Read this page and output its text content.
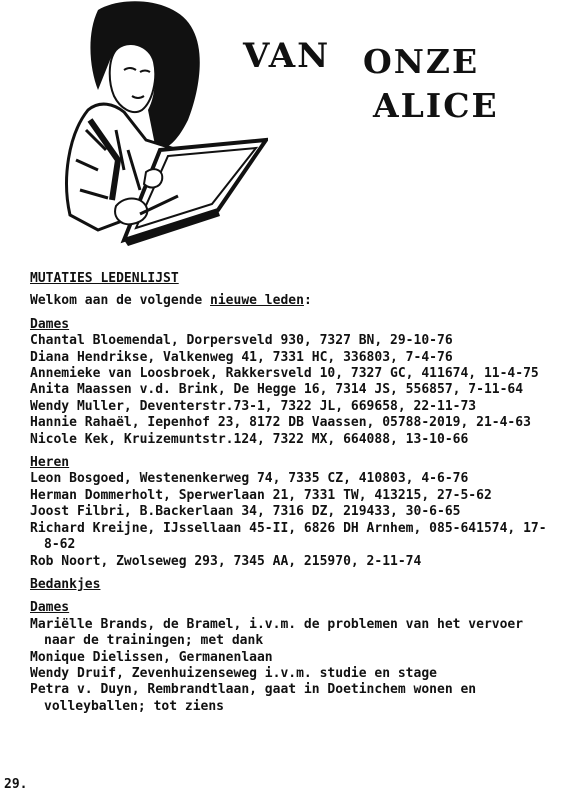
VAN ONZE
ALICE

MUTATIES LEDENLIJST

Welkom aan de volgende nieuwe leden:

Dames

Chantal Bloemendal, Dorpersveld 930, 7327 BN, 29-10-76

Diana Hendrikse, Valkenweg 41, 7331 HC, 336803, 7-4-76

Annemieke van Loosbroek, Rakkersveld 10, 7327 GC, 411674, 11-4-75

Anita Maassen v.d. Brink, De Hegge 16, 7314 JS, 556857, 7-11-64

Wendy Muller, Deventerstr.73-1, 7322 JL, 669658, 22-11-73

Hannie Rahaël, Iepenhof 23, 8172 DB Vaassen, 05788-2019, 21-4-63

Nicole Kek, Kruizemuntstr.124, 7322 MX, 664088, 13-10-66

Heren

Leon Bosgoed, Westenenkerweg 74, 7335 CZ, 410803, 4-6-76

Herman Dommerholt, Sperwerlaan 21, 7331 TW, 413215, 27-5-62

Joost Filbri, B.Backerlaan 34, 7316 DZ, 219433, 30-6-65

Richard Kreijne, IJssellaan 45-II, 6826 DH Arnhem, 085-641574, 17-8-62

Rob Noort, Zwolseweg 293, 7345 AA, 215970, 2-11-74

Bedankjes

Dames

Mariëlle Brands, de Bramel, i.v.m. de problemen van het vervoer naar de trainingen; met dank

Monique Dielissen, Germanenlaan

Wendy Druif, Zevenhuizenseweg i.v.m. studie en stage

Petra v. Duyn, Rembrandtlaan, gaat in Doetinchem wonen en volleyballen; tot ziens

29.
